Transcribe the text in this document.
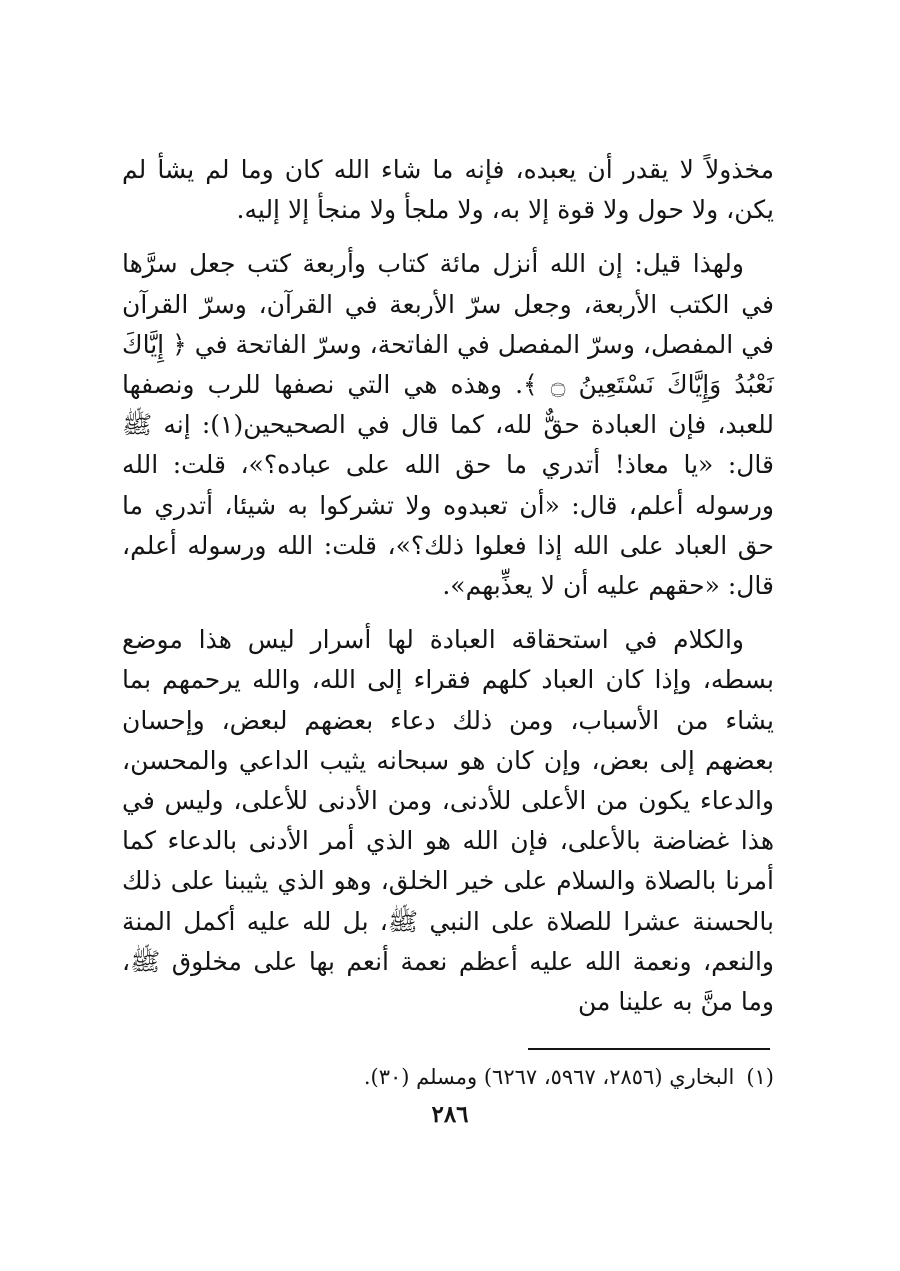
مخذولاً لا يقدر أن يعبده، فإنه ما شاء الله كان وما لم يشأ لم يكن، ولا حول ولا قوة إلا به، ولا ملجأ ولا منجأ إلا إليه.

ولهذا قيل: إن الله أنزل مائة كتاب وأربعة كتب جعل سرَّها في الكتب الأربعة، وجعل سرّ الأربعة في القرآن، وسرّ القرآن في المفصل، وسرّ المفصل في الفاتحة، وسرّ الفاتحة في ﴿ إِيَّاكَ نَعْبُدُ وَإِيَّاكَ نَسْتَعِينُ ۝ ﴾. وهذه هي التي نصفها للرب ونصفها للعبد، فإن العبادة حقٌّ لله، كما قال في الصحيحين(١): إنه ﷺ قال: «يا معاذ! أتدري ما حق الله على عباده؟»، قلت: الله ورسوله أعلم، قال: «أن تعبدوه ولا تشركوا به شيئا، أتدري ما حق العباد على الله إذا فعلوا ذلك؟»، قلت: الله ورسوله أعلم، قال: «حقهم عليه أن لا يعذِّبهم».

والكلام في استحقاقه العبادة لها أسرار ليس هذا موضع بسطه، وإذا كان العباد كلهم فقراء إلى الله، والله يرحمهم بما يشاء من الأسباب، ومن ذلك دعاء بعضهم لبعض، وإحسان بعضهم إلى بعض، وإن كان هو سبحانه يثيب الداعي والمحسن، والدعاء يكون من الأعلى للأدنى، ومن الأدنى للأعلى، وليس في هذا غضاضة بالأعلى، فإن الله هو الذي أمر الأدنى بالدعاء كما أمرنا بالصلاة والسلام على خير الخلق، وهو الذي يثيبنا على ذلك بالحسنة عشرا للصلاة على النبي ﷺ، بل لله عليه أكمل المنة والنعم، ونعمة الله عليه أعظم نعمة أنعم بها على مخلوق ﷺ، وما منَّ به علينا من

(١)البخاري (٢٨٥٦، ٥٩٦٧، ٦٢٦٧) ومسلم (٣٠).

٢٨٦
